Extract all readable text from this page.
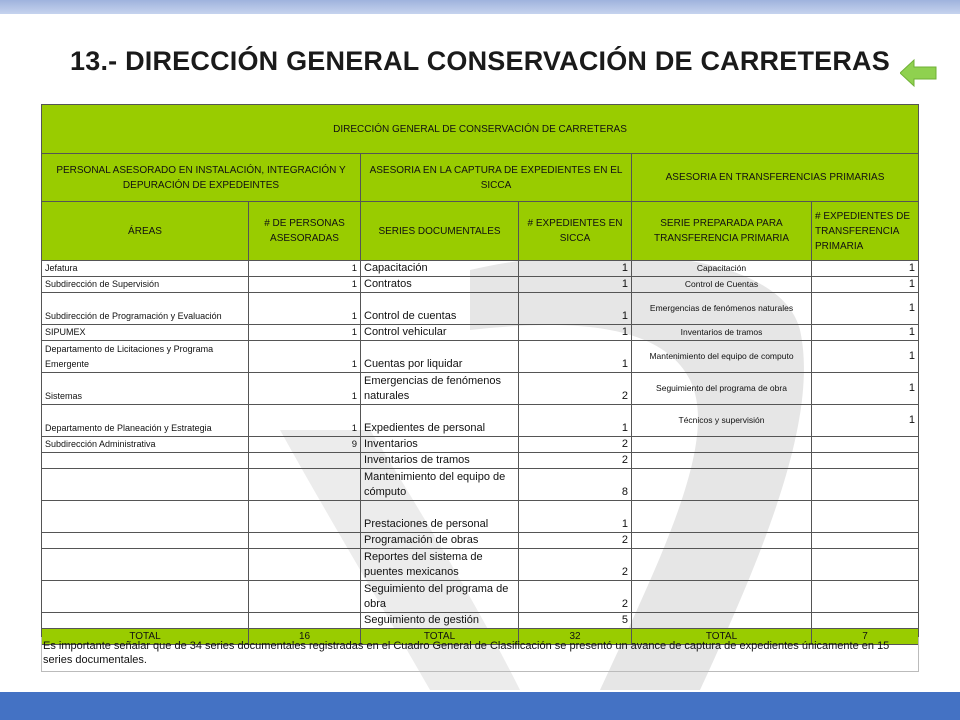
13.- DIRECCIÓN GENERAL CONSERVACIÓN DE CARRETERAS
DIRECCIÓN GENERAL DE CONSERVACIÓN DE CARRETERAS					
PERSONAL ASESORADO EN INSTALACIÓN, INTEGRACIÓN Y DEPURACIÓN DE EXPEDEINTES		ASESORIA EN LA CAPTURA DE EXPEDIENTES EN EL SICCA		ASESORIA EN TRANSFERENCIAS PRIMARIAS	
ÁREAS	# DE PERSONAS ASESORADAS	SERIES DOCUMENTALES	# EXPEDIENTES EN SICCA	SERIE PREPARADA PARA TRANSFERENCIA PRIMARIA	# EXPEDIENTES DE TRANSFERENCIA PRIMARIA
Jefatura	1	Capacitación	1	Capacitación	1
Subdirección de Supervisión	1	Contratos	1	Control de Cuentas	1
Subdirección de Programación y Evaluación	1	Control de cuentas	1	Emergencias de fenómenos naturales	1
SIPUMEX	1	Control vehicular	1	Inventarios de tramos	1
Departamento de Licitaciones y Programa Emergente	1	Cuentas por liquidar	1	Mantenimiento del equipo de computo	1
Sistemas	1	Emergencias de fenómenos naturales	2	Seguimiento del programa de obra	1
Departamento de Planeación y Estrategia	1	Expedientes de personal	1	Técnicos y supervisión	1
Subdirección Administrativa	9	Inventarios	2		
		Inventarios de tramos	2		
		Mantenimiento del equipo de cómputo	8		
		Prestaciones de personal	1		
		Programación de obras	2		
		Reportes del sistema de puentes mexicanos	2		
		Seguimiento del programa de obra	2		
		Seguimiento de gestión	5		
TOTAL	16	TOTAL	32	TOTAL	7
Es importante señalar que de 34 series documentales registradas en el Cuadro General de Clasificación se presentó un avance de captura de expedientes únicamente en 15 series documentales.
